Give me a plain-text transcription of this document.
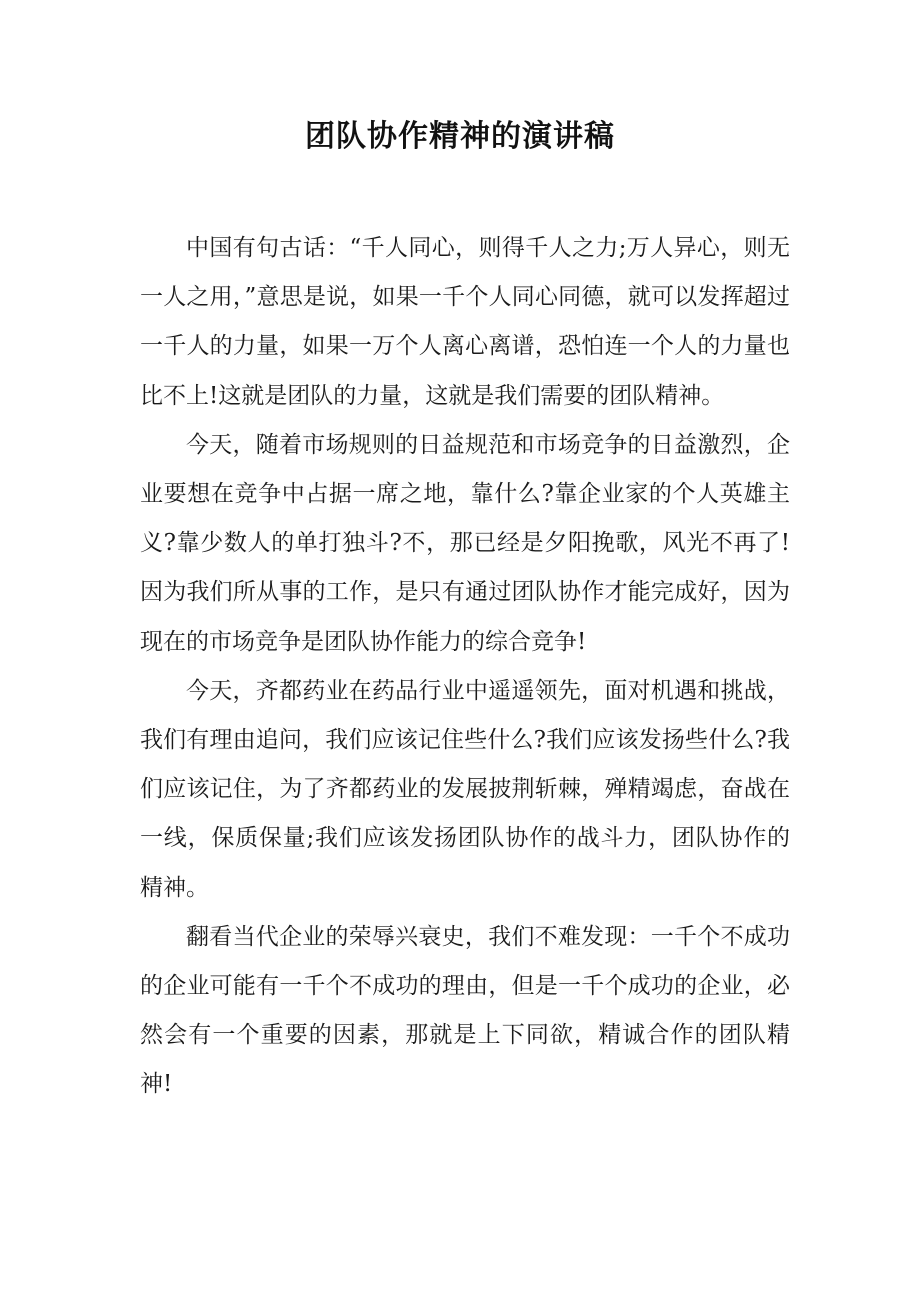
团队协作精神的演讲稿

中国有句古话：“千人同心，则得千人之力;万人异心，则无一人之用，”意思是说，如果一千个人同心同德，就可以发挥超过一千人的力量，如果一万个人离心离谱，恐怕连一个人的力量也比不上!这就是团队的力量，这就是我们需要的团队精神。

今天，随着市场规则的日益规范和市场竞争的日益激烈，企业要想在竞争中占据一席之地，靠什么?靠企业家的个人英雄主义?靠少数人的单打独斗?不，那已经是夕阳挽歌，风光不再了!因为我们所从事的工作，是只有通过团队协作才能完成好，因为现在的市场竞争是团队协作能力的综合竞争!

今天，齐都药业在药品行业中遥遥领先，面对机遇和挑战，我们有理由追问，我们应该记住些什么?我们应该发扬些什么?我们应该记住，为了齐都药业的发展披荆斩棘，殚精竭虑，奋战在一线，保质保量;我们应该发扬团队协作的战斗力，团队协作的精神。

翻看当代企业的荣辱兴衰史，我们不难发现：一千个不成功的企业可能有一千个不成功的理由，但是一千个成功的企业，必然会有一个重要的因素，那就是上下同欲，精诚合作的团队精神!
